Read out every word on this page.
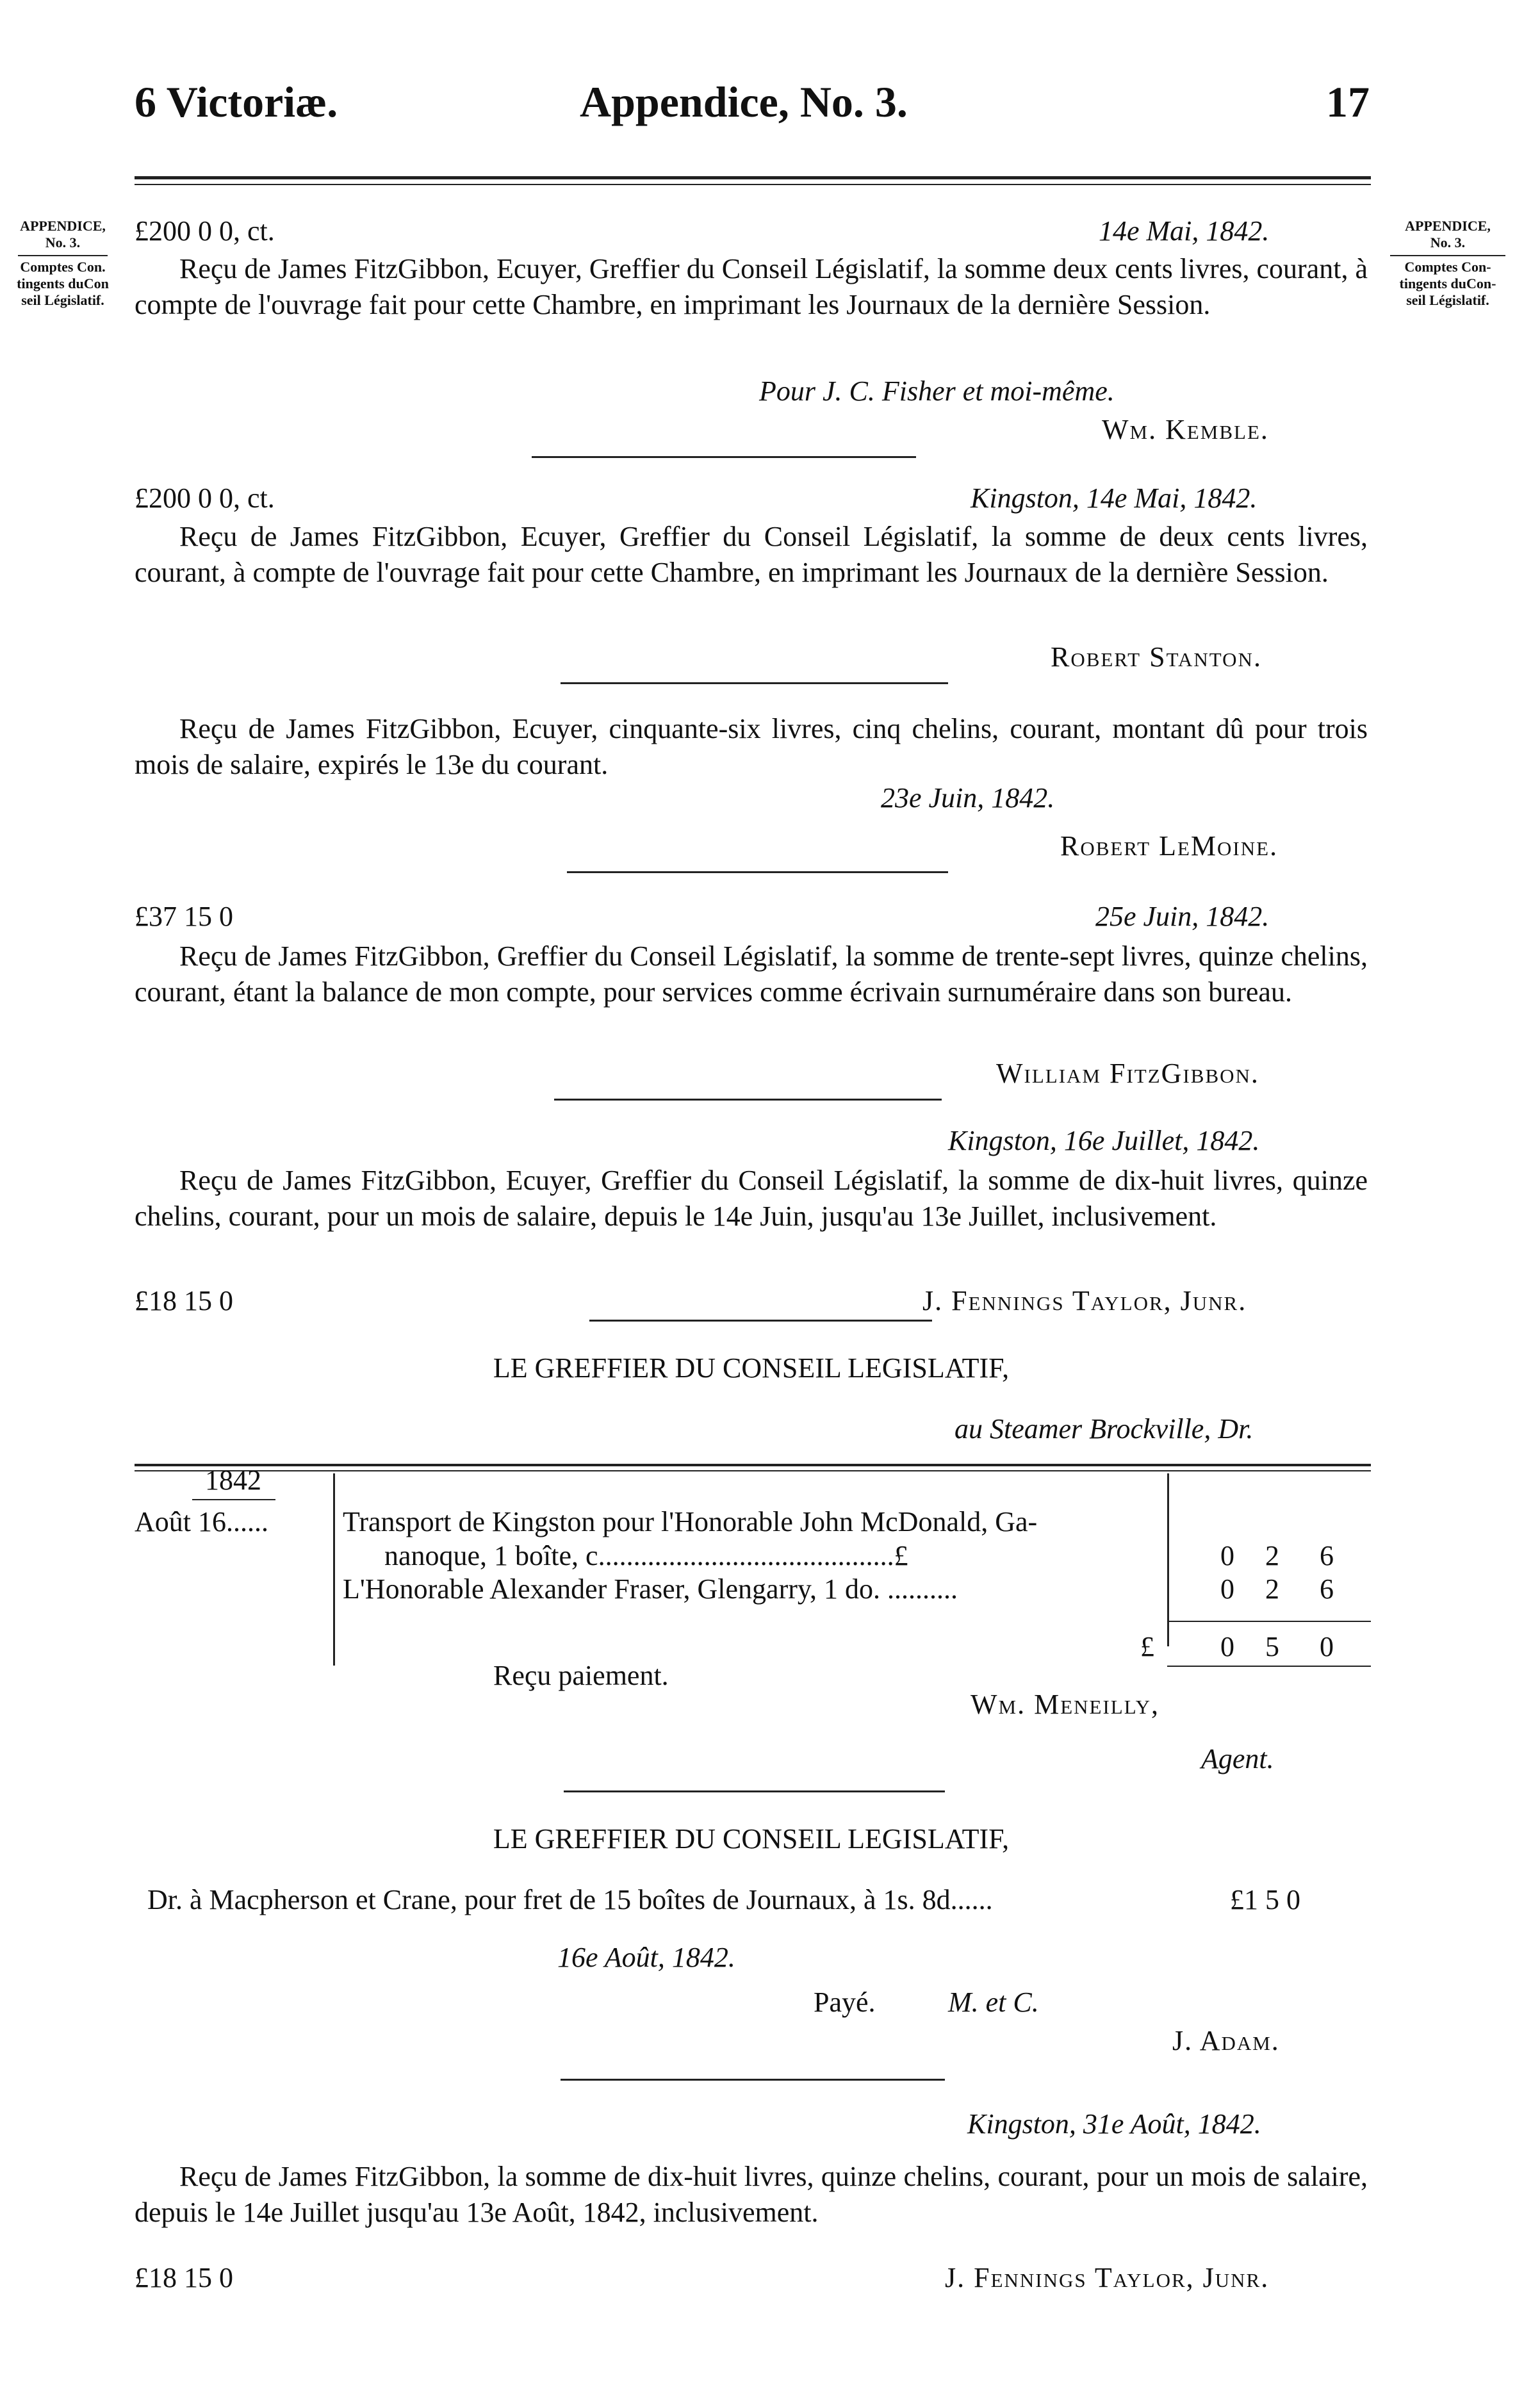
6 Victoriæ.	Appendice, No. 3.	17
APPENDICE,
No. 3.
Comptes Con.
tingents duCon
seil Législatif.
APPENDICE,
No. 3.
Comptes Con-
tingents duCon-
seil Législatif.
£200 0 0, ct.	14e Mai, 1842.
Reçu de James FitzGibbon, Ecuyer, Greffier du Conseil Législatif, la somme deux cents livres, courant, à compte de l'ouvrage fait pour cette Chambre, en imprimant les Journaux de la dernière Session.
Pour J. C. Fisher et moi-même.
Wm. Kemble.
£200 0 0, ct.	Kingston, 14e Mai, 1842.
Reçu de James FitzGibbon, Ecuyer, Greffier du Conseil Législatif, la somme de deux cents livres, courant, à compte de l'ouvrage fait pour cette Chambre, en imprimant les Journaux de la dernière Session.
Robert Stanton.
Reçu de James FitzGibbon, Ecuyer, cinquante-six livres, cinq chelins, courant, montant dû pour trois mois de salaire, expirés le 13e du courant.
23e Juin, 1842.
Robert LeMoine.
£37 15 0	25e Juin, 1842.
Reçu de James FitzGibbon, Greffier du Conseil Législatif, la somme de trente-sept livres, quinze chelins, courant, étant la balance de mon compte, pour services comme écrivain surnuméraire dans son bureau.
William FitzGibbon.
Kingston, 16e Juillet, 1842.
Reçu de James FitzGibbon, Ecuyer, Greffier du Conseil Législatif, la somme de dix-huit livres, quinze chelins, courant, pour un mois de salaire, depuis le 14e Juin, jusqu'au 13e Juillet, inclusivement.
£18 15 0	J. Fennings Taylor, Junr.
LE GREFFIER DU CONSEIL LEGISLATIF,
au Steamer Brockville, Dr.
1842
Août 16......	Transport de Kingston pour l'Honorable John McDonald, Ga-
nanoque, 1 boîte, c..........................................£	0 2 6
L'Honorable Alexander Fraser, Glengarry, 1 do. ..........	0 2 6
£ 0 5 0
Reçu paiement.
Wm. Meneilly,
Agent.
LE GREFFIER DU CONSEIL LEGISLATIF,
Dr. à Macpherson et Crane, pour fret de 15 boîtes de Journaux, à 1s. 8d......	£1 5 0
16e Août, 1842.
Payé.	M. et C.
J. Adam.
Kingston, 31e Août, 1842.
Reçu de James FitzGibbon, la somme de dix-huit livres, quinze chelins, courant, pour un mois de salaire, depuis le 14e Juillet jusqu'au 13e Août, 1842, inclusivement.
£18 15 0	J. Fennings Taylor, Junr.
